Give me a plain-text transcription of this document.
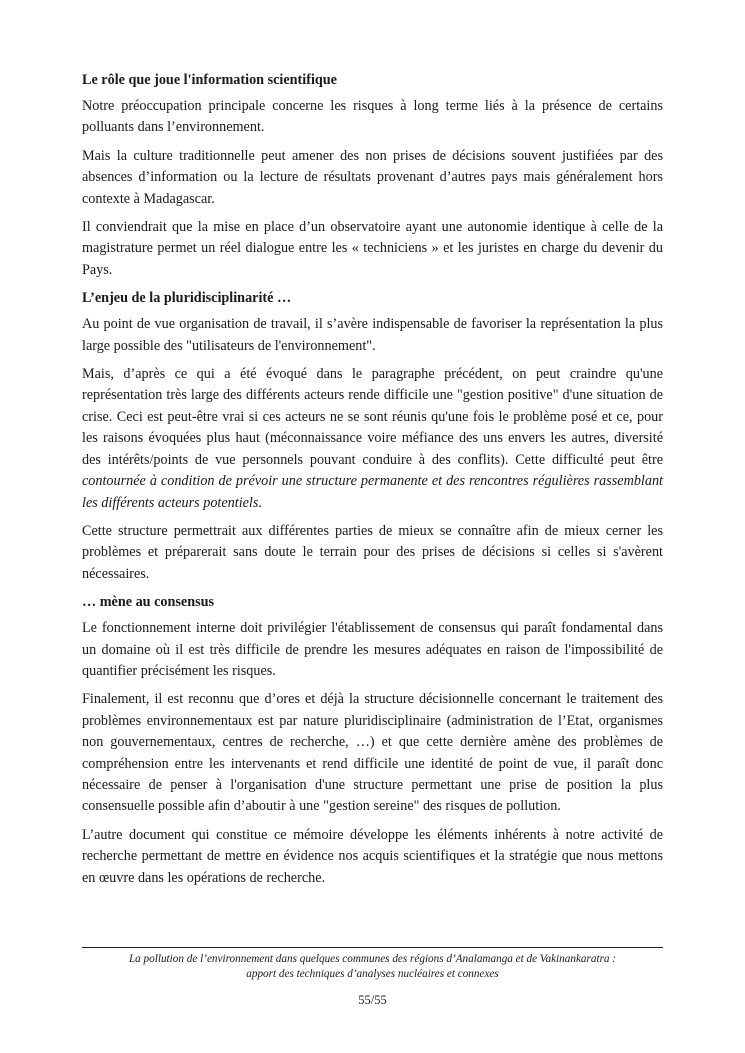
Le rôle que joue l'information scientifique

Notre préoccupation principale concerne les risques à long terme liés à la présence de certains polluants dans l’environnement.

Mais la culture traditionnelle peut amener des non prises de décisions souvent justifiées par des absences d’information ou la lecture de résultats provenant d’autres pays mais généralement hors contexte à Madagascar.

Il conviendrait que la mise en place d’un observatoire ayant une autonomie identique à celle de la magistrature permet un réel dialogue entre les « techniciens » et les juristes en charge du devenir du Pays.

L’enjeu de la pluridisciplinarité …

Au point de vue organisation de travail, il s’avère indispensable de favoriser la représentation la plus large possible des "utilisateurs de l'environnement".

Mais, d’après ce qui a été évoqué dans le paragraphe précédent, on peut craindre qu'une représentation très large des différents acteurs rende difficile une "gestion positive" d'une situation de crise. Ceci est peut-être vrai si ces acteurs ne se sont réunis qu'une fois le problème posé et ce, pour les raisons évoquées plus haut (méconnaissance voire méfiance des uns envers les autres, diversité des intérêts/points de vue personnels pouvant conduire à des conflits). Cette difficulté peut être contournée à condition de prévoir une structure permanente et des rencontres régulières rassemblant les différents acteurs potentiels.

Cette structure permettrait aux différentes parties de mieux se connaître afin de mieux cerner les problèmes et préparerait sans doute le terrain pour des prises de décisions si celles si s'avèrent nécessaires.

… mène au consensus

Le fonctionnement interne doit privilégier l'établissement de consensus qui paraît fondamental dans un domaine où il est très difficile de prendre les mesures adéquates en raison de l'impossibilité de quantifier précisément les risques.

Finalement, il est reconnu que d’ores et déjà la structure décisionnelle concernant le traitement des problèmes environnementaux est par nature pluridisciplinaire (administration de l’Etat, organismes non gouvernementaux, centres de recherche, …) et que cette dernière amène des problèmes de compréhension entre les intervenants et rend difficile une identité de point de vue, il paraît donc nécessaire de penser à l'organisation d'une structure permettant une prise de position la plus consensuelle possible afin d’aboutir à une "gestion sereine" des risques de pollution.

L’autre document qui constitue ce mémoire développe les éléments inhérents à notre activité de recherche permettant de mettre en évidence nos acquis scientifiques et la stratégie que nous mettons en œuvre dans les opérations de recherche.

La pollution de l’environnement dans quelques communes des régions d’Analamanga et de Vakinankaratra :
apport des techniques d’analyses nucléaires et connexes
55/55
